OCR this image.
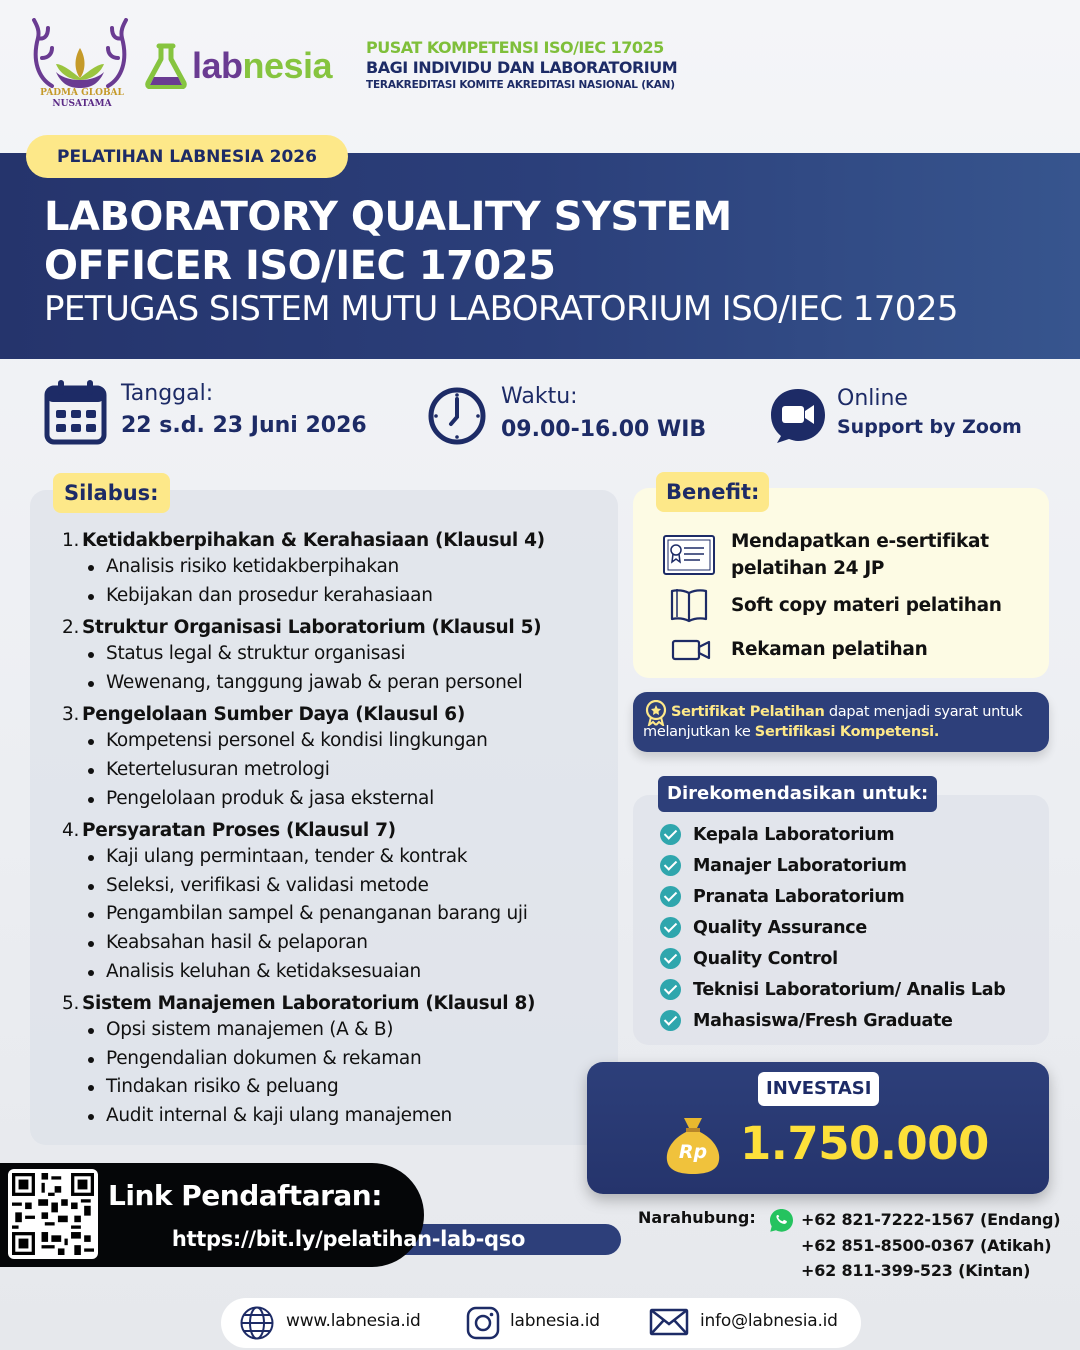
PADMA GLOBAL
NUSATAMA
labnesia PUSAT KOMPETENSI ISO/IEC 17025
BAGI INDIVIDU DAN LABORATORIUM
TERAKREDITASI KOMITE AKREDITASI NASIONAL (KAN)
PELATIHAN LABNESIA 2026
LABORATORY QUALITY SYSTEM
OFFICER ISO/IEC 17025
PETUGAS SISTEM MUTU LABORATORIUM ISO/IEC 17025
Tanggal:
22 s.d. 23 Juni 2026
Waktu:
09.00-16.00 WIB
Online
Support by Zoom
Silabus:
1. Ketidakberpihakan & Kerahasiaan (Klausul 4)
Analisis risiko ketidakberpihakan
Kebijakan dan prosedur kerahasiaan
2. Struktur Organisasi Laboratorium (Klausul 5)
Status legal & struktur organisasi
Wewenang, tanggung jawab & peran personel
3. Pengelolaan Sumber Daya (Klausul 6)
Kompetensi personel & kondisi lingkungan
Ketertelusuran metrologi
Pengelolaan produk & jasa eksternal
4. Persyaratan Proses (Klausul 7)
Kaji ulang permintaan, tender & kontrak
Seleksi, verifikasi & validasi metode
Pengambilan sampel & penanganan barang uji
Keabsahan hasil & pelaporan
Analisis keluhan & ketidaksesuaian
5. Sistem Manajemen Laboratorium (Klausul 8)
Opsi sistem manajemen (A & B)
Pengendalian dokumen & rekaman
Tindakan risiko & peluang
Audit internal & kaji ulang manajemen
Benefit:
Mendapatkan e-sertifikat pelatihan 24 JP
Soft copy materi pelatihan
Rekaman pelatihan
Sertifikat Pelatihan dapat menjadi syarat untuk melanjutkan ke Sertifikasi Kompetensi.
Direkomendasikan untuk:
Kepala Laboratorium
Manajer Laboratorium
Pranata Laboratorium
Quality Assurance
Quality Control
Teknisi Laboratorium/ Analis Lab
Mahasiswa/Fresh Graduate
INVESTASI
Rp 1.750.000
Link Pendaftaran:
https://bit.ly/pelatihan-lab-qso
Narahubung:	+62 821-7222-1567 (Endang)
+62 851-8500-0367 (Atikah)
+62 811-399-523 (Kintan)
www.labnesia.id	labnesia.id	info@labnesia.id
